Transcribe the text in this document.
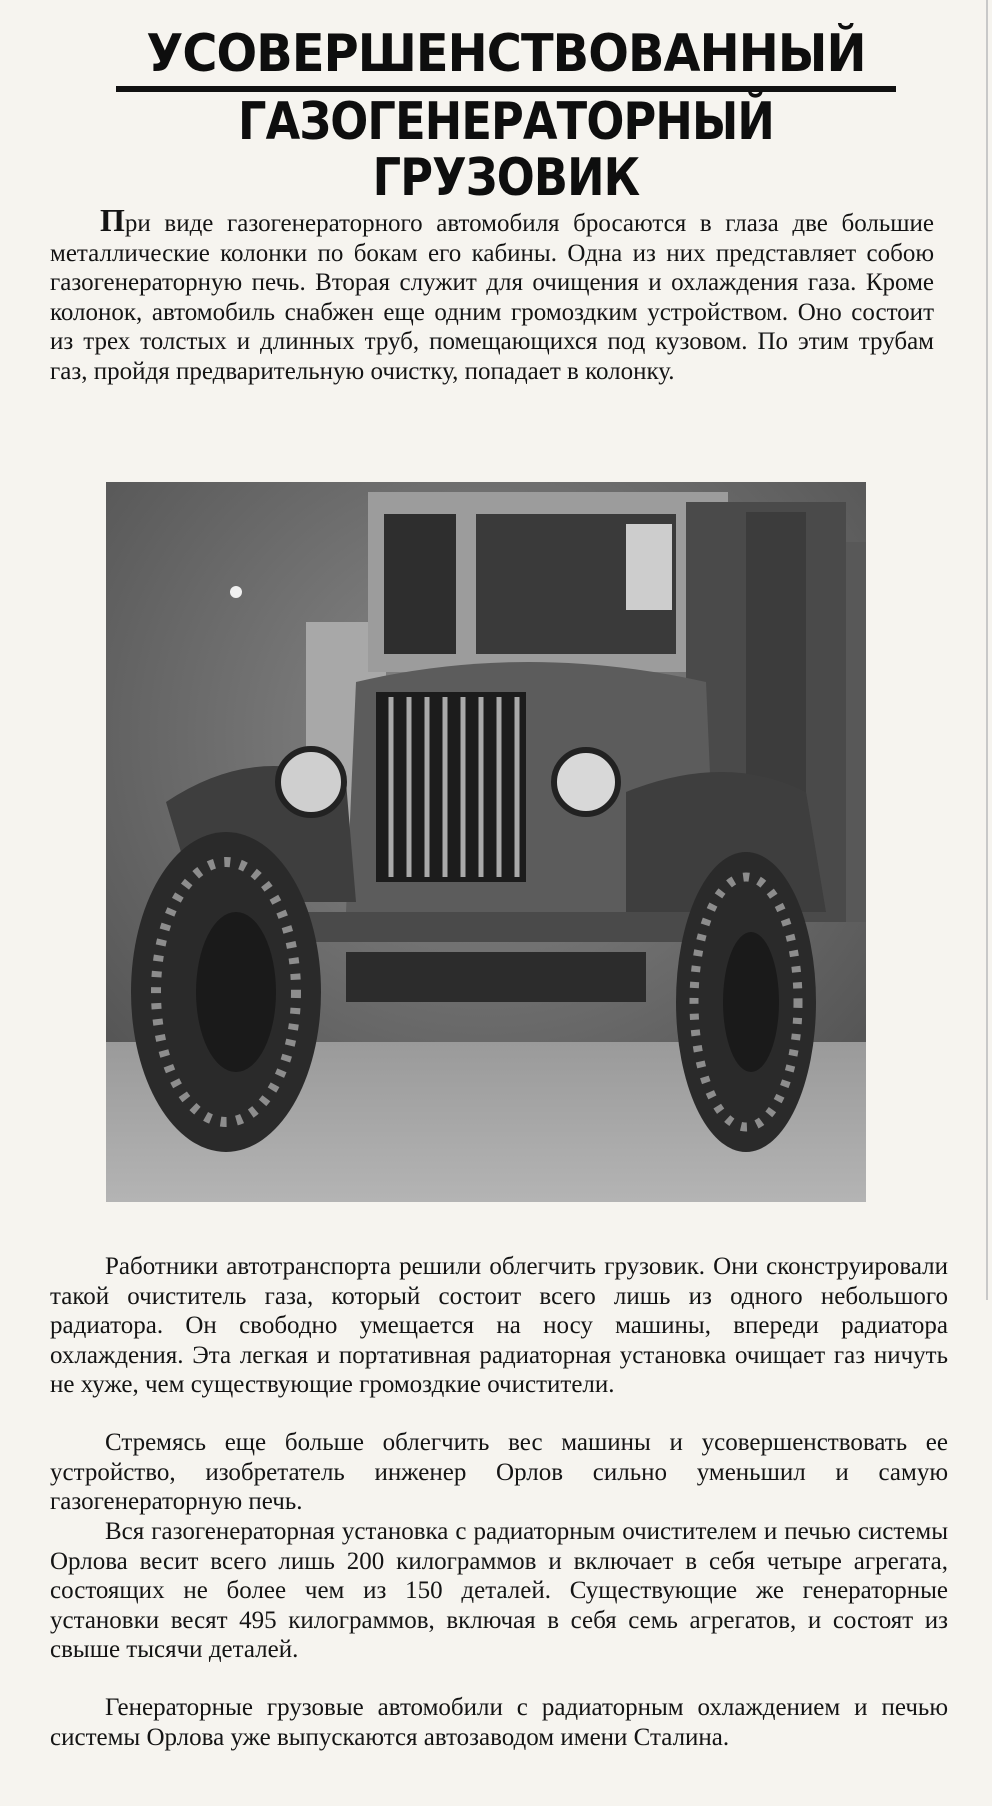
УСОВЕРШЕНСТВОВАННЫЙ
ГАЗОГЕНЕРАТОРНЫЙ ГРУЗОВИК

При виде газогенераторного автомобиля бросаются в глаза две большие металлические колонки по бокам его кабины. Одна из них представляет собою газогенераторную печь. Вторая служит для очищения и охлаждения газа. Кроме колонок, автомобиль снабжен еще одним громоздким устройством. Оно состоит из трех толстых и длинных труб, помещающихся под кузовом. По этим трубам газ, пройдя предварительную очистку, попадает в колонку.

Работники автотранспорта решили облегчить грузовик. Они сконструировали такой очиститель газа, который состоит всего лишь из одного небольшого радиатора. Он свободно умещается на носу машины, впереди радиатора охлаждения. Эта легкая и портативная радиаторная установка очищает газ ничуть не хуже, чем существующие громоздкие очистители.

Стремясь еще больше облегчить вес машины и усовершенствовать ее устройство, изобретатель инженер Орлов сильно уменьшил и самую газогенераторную печь.

Вся газогенераторная установка с радиаторным очистителем и печью системы Орлова весит всего лишь 200 килограммов и включает в себя четыре агрегата, состоящих не более чем из 150 деталей. Существующие же генераторные установки весят 495 килограммов, включая в себя семь агрегатов, и состоят из свыше тысячи деталей.

Генераторные грузовые автомобили с радиаторным охлаждением и печью системы Орлова уже выпускаются автозаводом имени Сталина.
